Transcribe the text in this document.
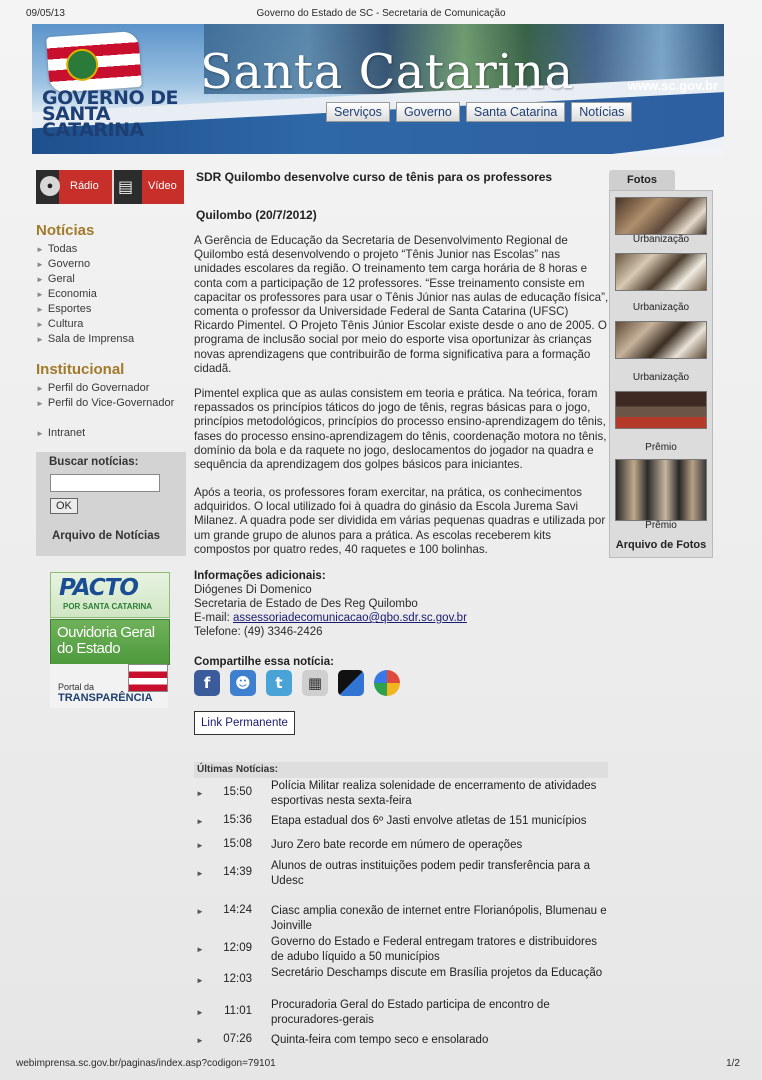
09/05/13	Governo do Estado de SC - Secretaria de Comunicação
GOVERNO DE SANTA CATARINA
Santa Catarina	www.sc.gov.br
Serviços	Governo	Santa Catarina	Notícias
●	Rádio ▤ Vídeo
Notícias
► Todas
► Governo
► Geral
► Economia
► Esportes
► Cultura
► Sala de Imprensa
Institucional
► Perfil do Governador
► Perfil do Vice-Governador
► Intranet
Buscar notícias:
OK
Arquivo de Notícias
PACTO
POR SANTA CATARINA
Ouvidoria Geral do Estado
Portal da
TRANSPARÊNCIA
SDR Quilombo desenvolve curso de tênis para os professores
Quilombo (20/7/2012)
A Gerência de Educação da Secretaria de Desenvolvimento Regional de Quilombo está desenvolvendo o projeto “Tênis Junior nas Escolas” nas unidades escolares da região. O treinamento tem carga horária de 8 horas e conta com a participação de 12 professores. “Esse treinamento consiste em capacitar os professores para usar o Tênis Júnior nas aulas de educação física”, comenta o professor da Universidade Federal de Santa Catarina (UFSC) Ricardo Pimentel. O Projeto Tênis Júnior Escolar existe desde o ano de 2005. O programa de inclusão social por meio do esporte visa oportunizar às crianças novas aprendizagens que contribuirão de forma significativa para a formação cidadã.
Pimentel explica que as aulas consistem em teoria e prática. Na teórica, foram repassados os princípios táticos do jogo de tênis, regras básicas para o jogo, princípios metodológicos, princípios do processo ensino-aprendizagem do tênis, fases do processo ensino-aprendizagem do tênis, coordenação motora no tênis, domínio da bola e da raquete no jogo, deslocamentos do jogador na quadra e sequência da aprendizagem dos golpes básicos para iniciantes.
Após a teoria, os professores foram exercitar, na prática, os conhecimentos adquiridos. O local utilizado foi à quadra do ginásio da Escola Jurema Savi Milanez. A quadra pode ser dividida em várias pequenas quadras e utilizada por um grande grupo de alunos para a prática. As escolas receberem kits compostos por quatro redes, 40 raquetes e 100 bolinhas.
Informações adicionais:
Diógenes Di Domenico
Secretaria de Estado de Des Reg Quilombo
E-mail: assessoriadecomunicacao@qbo.sdr.sc.gov.br
Telefone: (49) 3346-2426
Compartilhe essa notícia:
f	☻	t	▦
Link Permanente
Últimas Notícias:
► 15:50 Polícia Militar realiza solenidade de encerramento de atividades esportivas nesta sexta-feira
► 15:36 Etapa estadual dos 6º Jasti envolve atletas de 151 municípios
► 15:08 Juro Zero bate recorde em número de operações
► 14:39 Alunos de outras instituições podem pedir transferência para a Udesc
► 14:24 Ciasc amplia conexão de internet entre Florianópolis, Blumenau e Joinville
► 12:09 Governo do Estado e Federal entregam tratores e distribuidores de adubo líquido a 50 municípios
► 12:03 Secretário Deschamps discute em Brasília projetos da Educação
► 11:01 Procuradoria Geral do Estado participa de encontro de procuradores-gerais
► 07:26 Quinta-feira com tempo seco e ensolarado
Fotos
Urbanização
Urbanização
Urbanização
Prêmio
Prêmio
Arquivo de Fotos
webimprensa.sc.gov.br/paginas/index.asp?codigon=79101	1/2
